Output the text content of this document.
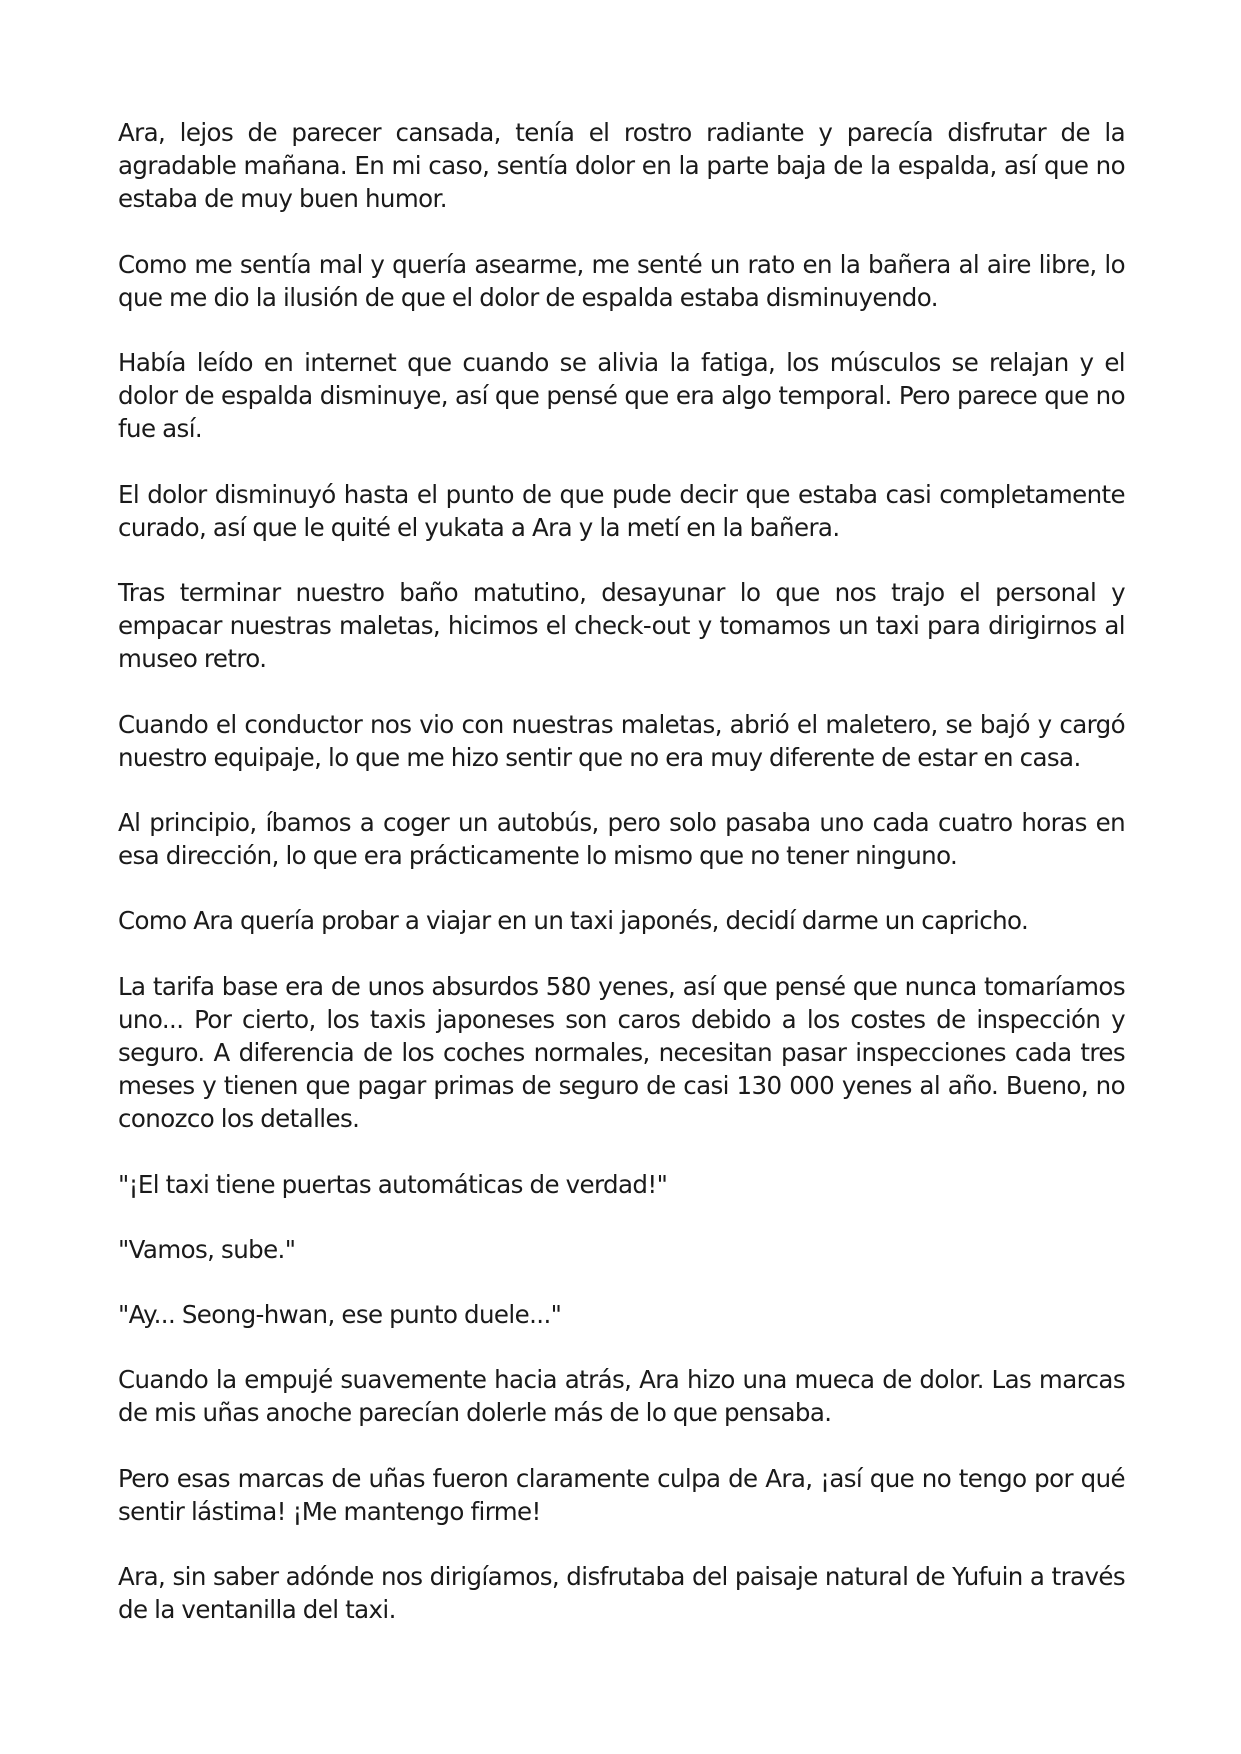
Ara, lejos de parecer cansada, tenía el rostro radiante y parecía disfrutar de la agradable mañana. En mi caso, sentía dolor en la parte baja de la espalda, así que no estaba de muy buen humor.

Como me sentía mal y quería asearme, me senté un rato en la bañera al aire libre, lo que me dio la ilusión de que el dolor de espalda estaba disminuyendo.

Había leído en internet que cuando se alivia la fatiga, los músculos se relajan y el dolor de espalda disminuye, así que pensé que era algo temporal. Pero parece que no fue así.

El dolor disminuyó hasta el punto de que pude decir que estaba casi completamente curado, así que le quité el yukata a Ara y la metí en la bañera.

Tras terminar nuestro baño matutino, desayunar lo que nos trajo el personal y empacar nuestras maletas, hicimos el check-out y tomamos un taxi para dirigirnos al museo retro.

Cuando el conductor nos vio con nuestras maletas, abrió el maletero, se bajó y cargó nuestro equipaje, lo que me hizo sentir que no era muy diferente de estar en casa.

Al principio, íbamos a coger un autobús, pero solo pasaba uno cada cuatro horas en esa dirección, lo que era prácticamente lo mismo que no tener ninguno.

Como Ara quería probar a viajar en un taxi japonés, decidí darme un capricho.

La tarifa base era de unos absurdos 580 yenes, así que pensé que nunca tomaríamos uno... Por cierto, los taxis japoneses son caros debido a los costes de inspección y seguro. A diferencia de los coches normales, necesitan pasar inspecciones cada tres meses y tienen que pagar primas de seguro de casi 130 000 yenes al año. Bueno, no conozco los detalles.

"¡El taxi tiene puertas automáticas de verdad!"

"Vamos, sube."

"Ay... Seong-hwan, ese punto duele..."

Cuando la empujé suavemente hacia atrás, Ara hizo una mueca de dolor. Las marcas de mis uñas anoche parecían dolerle más de lo que pensaba.

Pero esas marcas de uñas fueron claramente culpa de Ara, ¡así que no tengo por qué sentir lástima! ¡Me mantengo firme!

Ara, sin saber adónde nos dirigíamos, disfrutaba del paisaje natural de Yufuin a través de la ventanilla del taxi.
